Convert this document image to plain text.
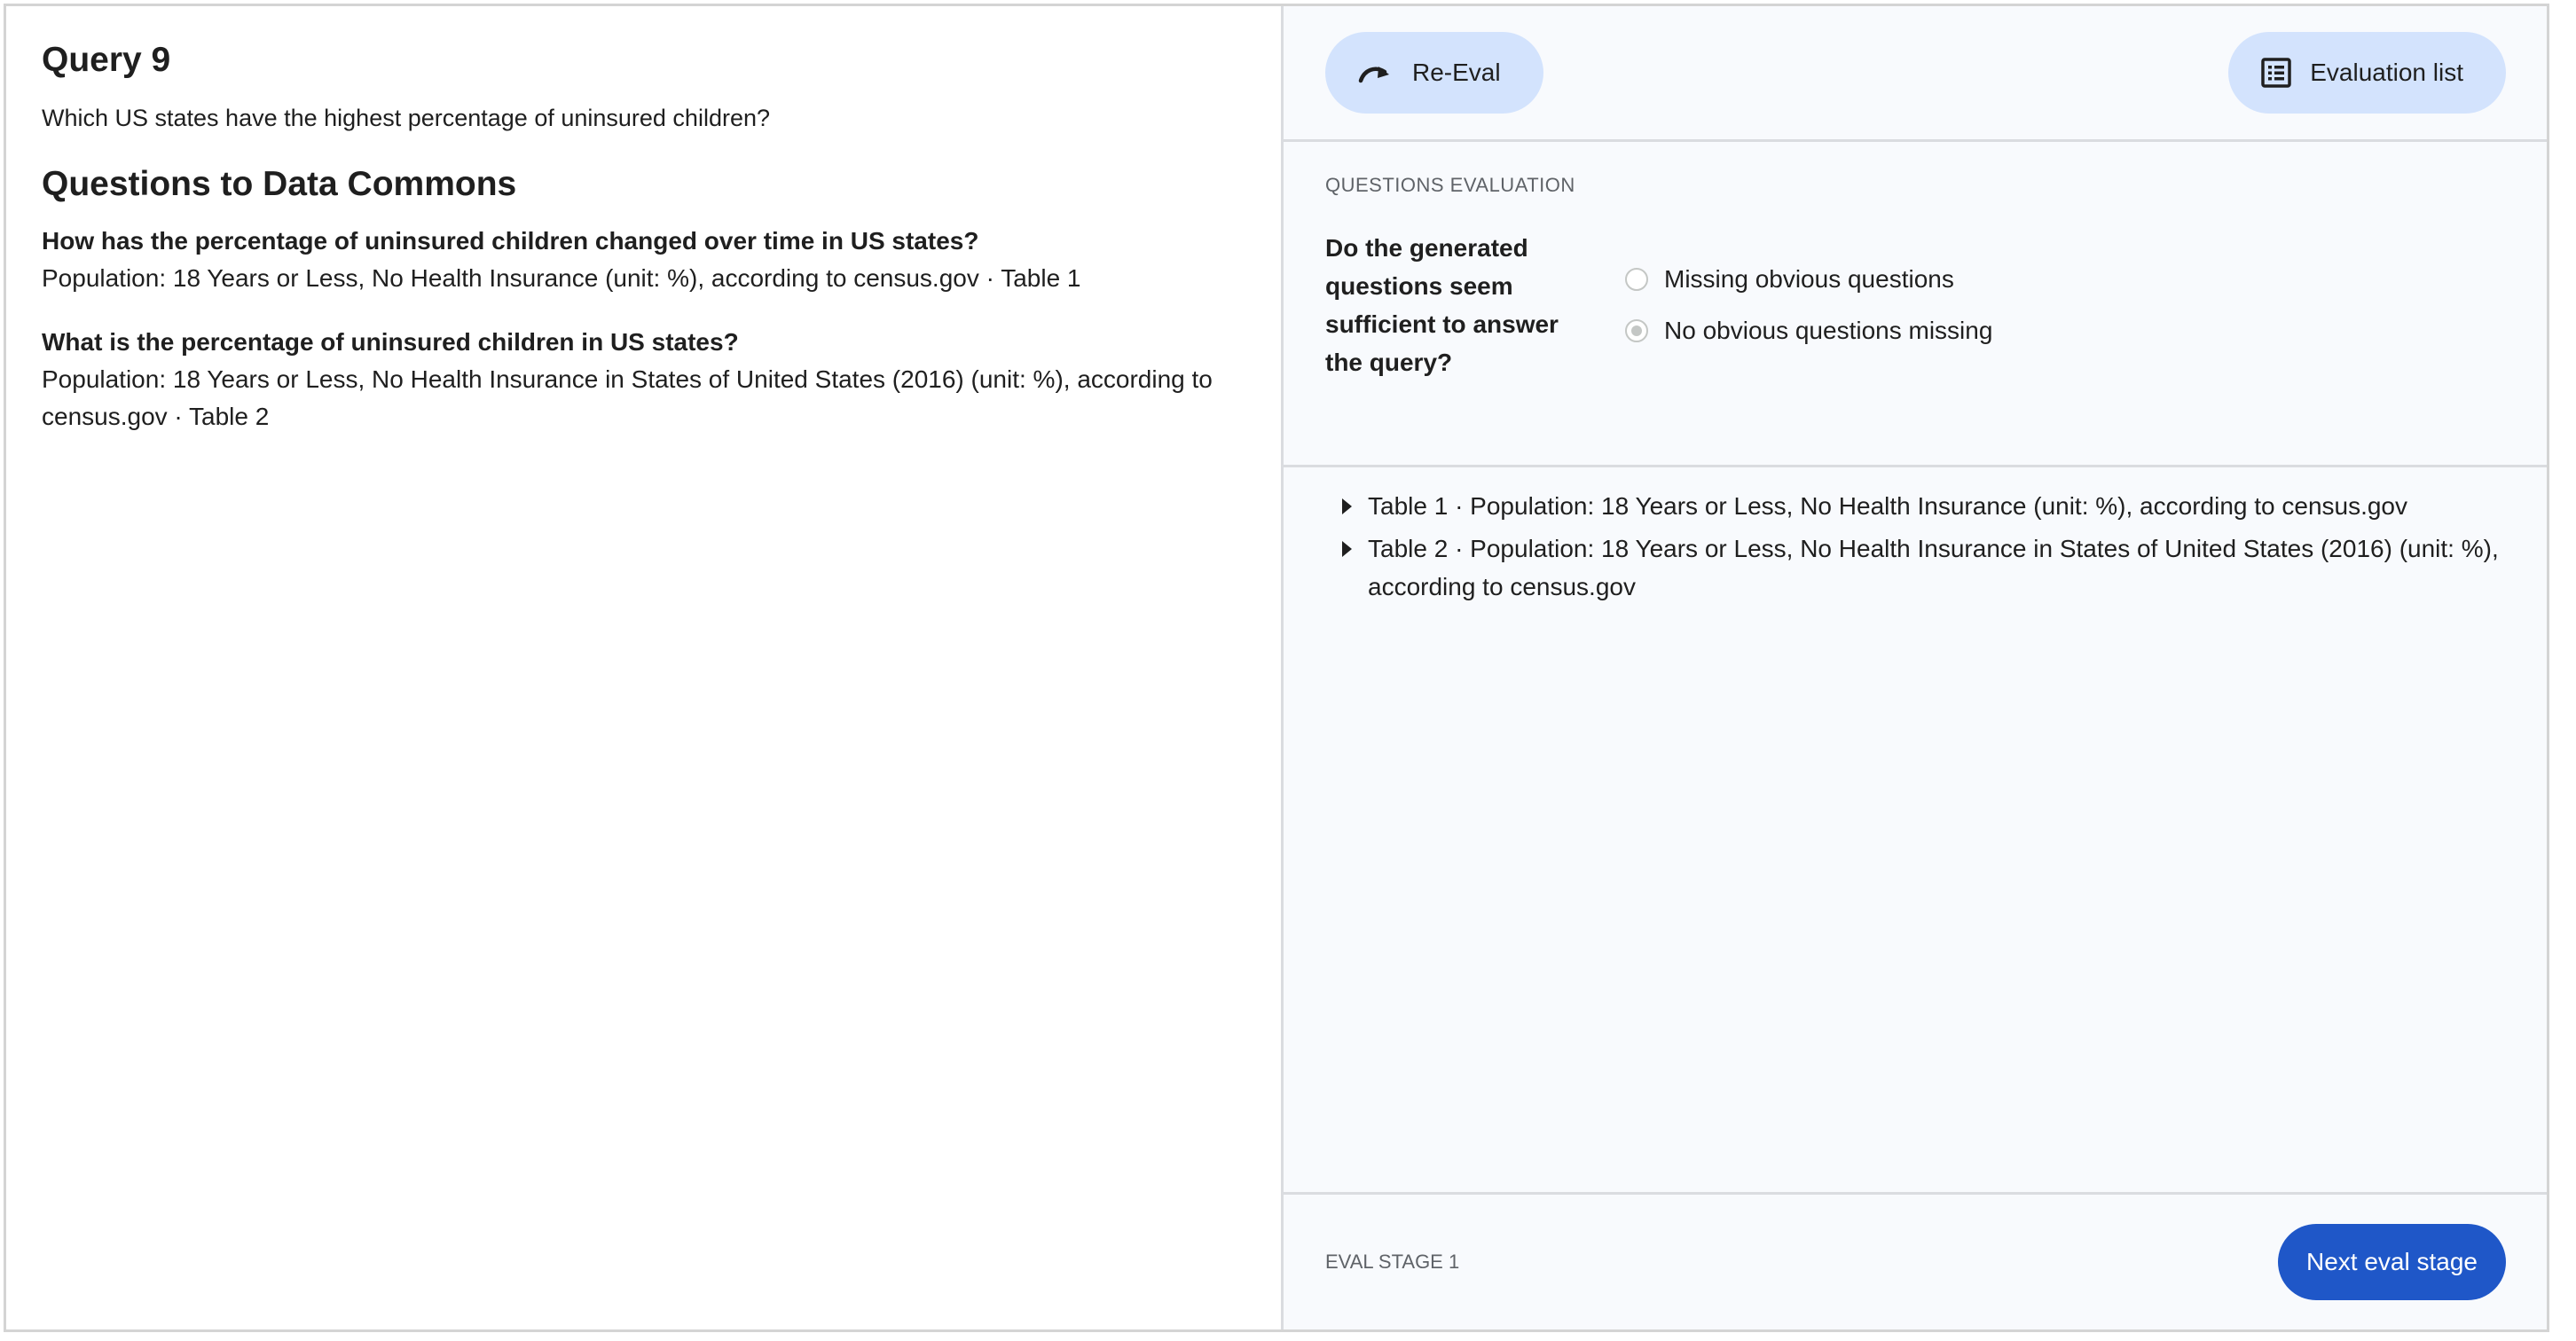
Query 9
Which US states have the highest percentage of uninsured children?
Questions to Data Commons
How has the percentage of uninsured children changed over time in US states?
Population: 18 Years or Less, No Health Insurance (unit: %), according to census.gov · Table 1
What is the percentage of uninsured children in US states?
Population: 18 Years or Less, No Health Insurance in States of United States (2016) (unit: %), according to census.gov · Table 2
Re-Eval	Evaluation list
QUESTIONS EVALUATION
Do the generated questions seem sufficient to answer the query?
Missing obvious questions
No obvious questions missing
Table 1 · Population: 18 Years or Less, No Health Insurance (unit: %), according to census.gov
Table 2 · Population: 18 Years or Less, No Health Insurance in States of United States (2016) (unit: %), according to census.gov
EVAL STAGE 1	Next eval stage
